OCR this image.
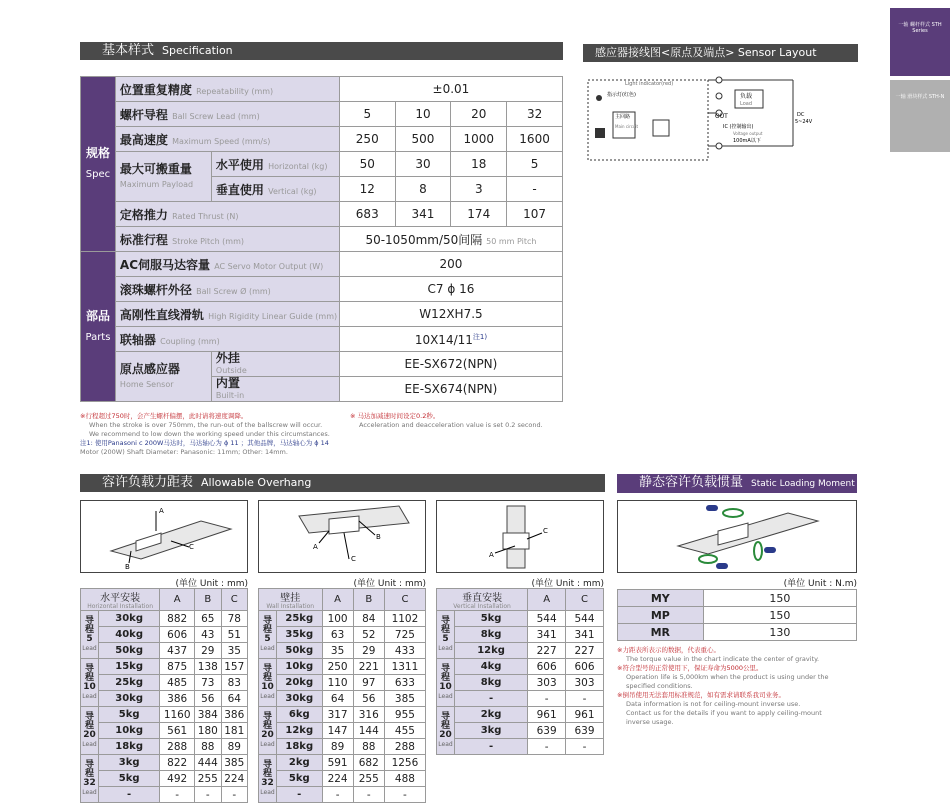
一轴 螺杆样式 STH Series
一轴 滑块样式 STH-N
基本样式 Specification
规格
Spec	位置重复精度 Repeatability (mm)		±0.01			
	螺杆导程 Ball Screw Lead (mm)		5	10	20	32
	最高速度 Maximum Speed (mm/s)		250	500	1000	1600
	最大可搬重量
Maximum Payload	水平使用 Horizontal (kg)	50	30	18	5
		垂直使用 Vertical (kg)	12	8	3	-
	定格推力 Rated Thrust (N)		683	341	174	107
	标准行程 Stroke Pitch (mm)		50-1050mm/50间隔 50 mm Pitch			
部品
Parts	AC伺服马达容量 AC Servo Motor Output (W)		200			
	滚珠螺杆外径 Ball Screw Ø (mm)		C7 ϕ 16			
	高刚性直线滑轨 High Rigidity Linear Guide (mm)		W12XH7.5			
	联轴器 Coupling (mm)		10X14/11$^{注1)}$
	原点感应器
Home Sensor	外挂
Outside	EE-SX672(NPN)			
		内置
Built-in	EE-SX674(NPN)			
※行程超过750时，会产生螺杆偏摆，此时请将速度调降。
When the stroke is over 750mm, the run-out of the ballscrew will occur.
We recommend to low down the working speed under this circumstances.
注1: 使用Panasoni c 200W马达时，马达轴心为 ϕ 11 ；其他品牌，马达轴心为 ϕ 14
Motor (200W) Shaft Diameter: Panasonic: 11mm; Other: 14mm.
※ 马达加减速时间设定0.2秒。
Acceleration and deacceleration value is set 0.2 second.
感应器接线图<原点及端点> Sensor Layout
Light indicator(red)
指示灯(红色)
主回路
Main circuit
负载
Load
OUT
IC (控制输出)
Voltage output
100mA以下
DC
5~24V
容许负载力距表 Allowable Overhang	静态容许负载惯量 Static Loading Moment
A
C
B
C
A
B
A
C
(单位 Unit : mm)	(单位 Unit : mm)	(单位 Unit : mm)	(单位 Unit : N.m)
水平安装
Horizontal Installation		A	B	C

导程
5
Lead	30kg	882	65	78
	40kg	606	43	51
	50kg	437	29	35

导程
10
Lead	15kg	875	138	157
	25kg	485	73	83
	30kg	386	56	64

导程
20
Lead	5kg	1160	384	386
	10kg	561	180	181
	18kg	288	88	89

导程
32
Lead	3kg	822	444	385
	5kg	492	255	224
	-	-	-	-
壁挂
Wall Installation		A	B	C

导程
5
Lead	25kg	100	84	1102
	35kg	63	52	725
	50kg	35	29	433

导程
10
Lead	10kg	250	221	1311
	20kg	110	97	633
	30kg	64	56	385

导程
20
Lead	6kg	317	316	955
	12kg	147	144	455
	18kg	89	88	288

导程
32
Lead	2kg	591	682	1256
	5kg	224	255	488
	-	-	-	-
垂直安装
Vertical Installation		A	C

导程
5
Lead	5kg	544	544
	8kg	341	341
	12kg	227	227

导程
10
Lead	4kg	606	606
	8kg	303	303
	-	-	-

导程
20
Lead	2kg	961	961
	3kg	639	639
	-	-	-
MY	150
MP	150
MR	130
※力距表所表示的数据，代表重心。
The torque value in the chart indicate the center of gravity.
※符合型号的正常使用下，保证寿命为5000公里。
Operation life is 5,000km when the product is using under the
specified conditions.
※倒吊使用无法套用标准规范，如有需求请联系我司业务。
Data information is not for ceiling-mount inverse use.
Contact us for the details if you want to apply ceiling-mount
inverse usage.
